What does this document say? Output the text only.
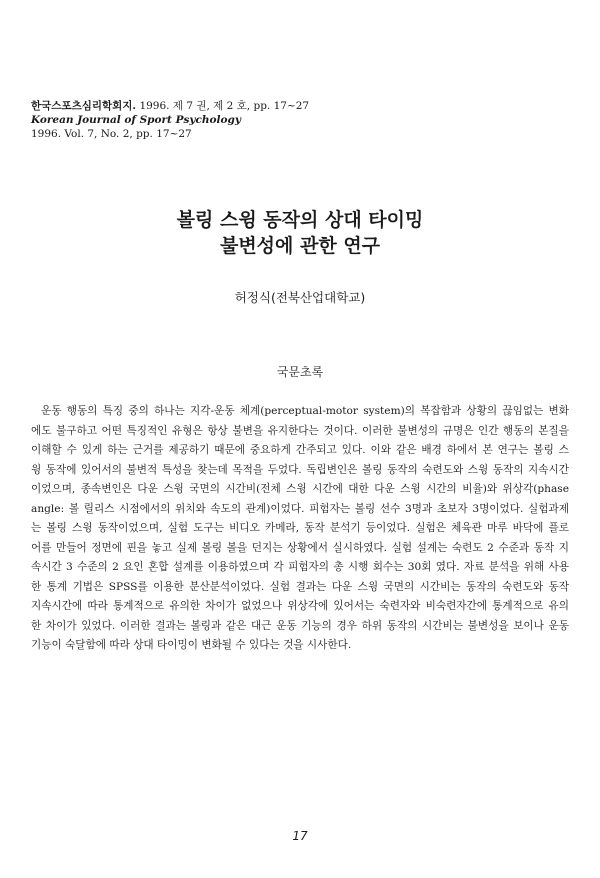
한국스포츠심리학회지. 1996. 제 7 권, 제 2 호, pp. 17~27
Korean Journal of Sport Psychology
1996. Vol. 7, No. 2, pp. 17~27
볼링 스윙 동작의 상대 타이밍
불변성에 관한 연구
허정식(전북산업대학교)
국문초록
운동 행동의 특징 중의 하나는 지각-운동 체계(perceptual-motor system)의 복잡함과 상황의 끊임없는 변화
에도 불구하고 어떤 특징적인 유형은 항상 불변을 유지한다는 것이다. 이러한 불변성의 규명은 인간 행동의 본질을
이해할 수 있게 하는 근거를 제공하기 때문에 중요하게 간주되고 있다. 이와 같은 배경 하에서 본 연구는 볼링 스
윙 동작에 있어서의 불변적 특성을 찾는데 목적을 두었다. 독립변인은 볼링 동작의 숙련도와 스윙 동작의 지속시간
이었으며, 종속변인은 다운 스윙 국면의 시간비(전체 스윙 시간에 대한 다운 스윙 시간의 비율)와 위상각(phase
angle: 볼 릴리스 시점에서의 위치와 속도의 관계)이었다. 피험자는 볼링 선수 3명과 초보자 3명이었다. 실험과제
는 볼링 스윙 동작이었으며, 실험 도구는 비디오 카메라, 동작 분석기 등이었다. 실험은 체육관 마루 바닥에 플로
어를 만들어 정면에 핀을 놓고 실제 볼링 볼을 던지는 상황에서 실시하였다. 실험 설계는 숙련도 2 수준과 동작 지
속시간 3 수준의 2 요인 혼합 설계를 이용하였으며 각 피험자의 총 시행 회수는 30회 였다. 자료 분석을 위해 사용
한 통계 기법은 SPSS를 이용한 분산분석이었다. 실험 결과는 다운 스윙 국면의 시간비는 동작의 숙련도와 동작
지속시간에 따라 통계적으로 유의한 차이가 없었으나 위상각에 있어서는 숙련자와 비숙련자간에 통계적으로 유의
한 차이가 있었다. 이러한 결과는 볼링과 같은 대근 운동 기능의 경우 하위 동작의 시간비는 불변성을 보이나 운동
기능이 숙달함에 따라 상대 타이밍이 변화될 수 있다는 것을 시사한다.
17
